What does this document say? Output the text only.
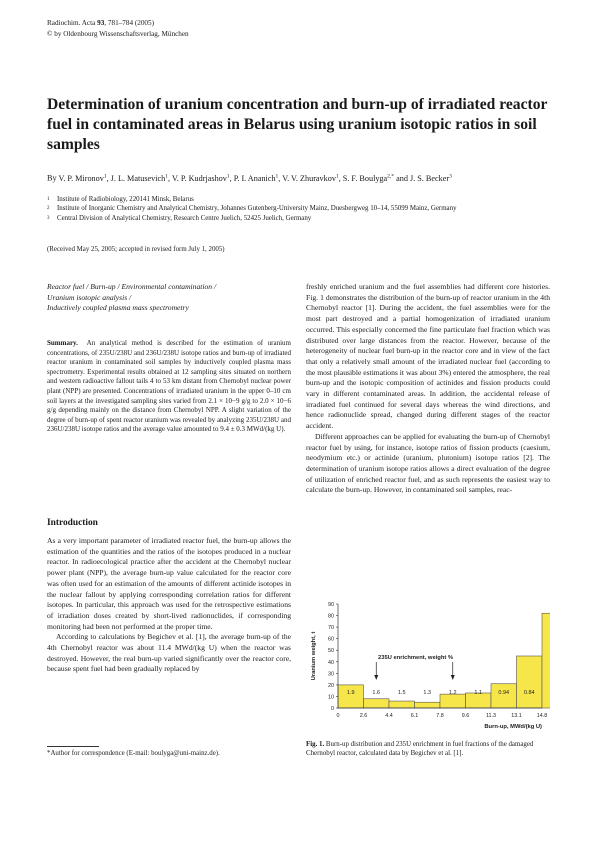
Radiochim. Acta 93, 781–784 (2005)
© by Oldenbourg Wissenschaftsverlag, München
Determination of uranium concentration and burn-up of irradiated reactor fuel in contaminated areas in Belarus using uranium isotopic ratios in soil samples
By V. P. Mironov$^1$, J. L. Matusevich$^1$, V. P. Kudrjashov$^1$, P. I. Ananich$^1$, V. V. Zhuravkov$^1$, S. F. Boulyga$^{2,*}$ and J. S. Becker$^3$
1 Institute of Radiobiology, 220141 Minsk, Belarus
2 Institute of Inorganic Chemistry and Analytical Chemistry, Johannes Gutenberg-University Mainz, Duesbergweg 10–14, 55099 Mainz, Germany
3 Central Division of Analytical Chemistry, Research Centre Juelich, 52425 Juelich, Germany
(Received May 25, 2005; accepted in revised form July 1, 2005)
Reactor fuel / Burn-up / Environmental contamination /
Uranium isotopic analysis /
Inductively coupled plasma mass spectrometry
Summary. An analytical method is described for the estimation of uranium concentrations, of 235U/238U and 236U/238U isotope ratios and burn-up of irradiated reactor uranium in contaminated soil samples by inductively coupled plasma mass spectrometry. Experimental results obtained at 12 sampling sites situated on northern and western radioactive fallout tails 4 to 53 km distant from Chernobyl nuclear power plant (NPP) are presented. Concentrations of irradiated uranium in the upper 0–10 cm soil layers at the investigated sampling sites varied from 2.1 × 10−9 g/g to 2.0 × 10−6 g/g depending mainly on the distance from Chernobyl NPP. A slight variation of the degree of burn-up of spent reactor uranium was revealed by analyzing 235U/238U and 236U/238U isotope ratios and the average value amounted to 9.4 ± 0.3 MWd/(kg U).
Introduction

As a very important parameter of irradiated reactor fuel, the burn-up allows the estimation of the quantities and the ratios of the isotopes produced in a nuclear reactor. In radioecological practice after the accident at the Chernobyl nuclear power plant (NPP), the average burn-up value calculated for the reactor core was often used for an estimation of the amounts of different actinide isotopes in the nuclear fallout by applying corresponding correlation ratios for different isotopes. In particular, this approach was used for the retrospective estimations of irradiation doses created by short-lived radionuclides, if corresponding monitoring had been not performed at the proper time.

According to calculations by Begichev et al. [1], the average burn-up of the 4th Chernobyl reactor was about 11.4 MWd/(kg U) when the reactor was destroyed. However, the real burn-up varied significantly over the reactor core, because spent fuel had been gradually replaced by

*Author for correspondence (E-mail: boulyga@uni-mainz.de).

freshly enriched uranium and the fuel assemblies had different core histories. Fig. 1 demonstrates the distribution of the burn-up of reactor uranium in the 4th Chernobyl reactor [1]. During the accident, the fuel assemblies were for the most part destroyed and a partial homogenization of irradiated uranium occurred. This especially concerned the fine particulate fuel fraction which was distributed over large distances from the reactor. However, because of the heterogeneity of nuclear fuel burn-up in the reactor core and in view of the fact that only a relatively small amount of the irradiated nuclear fuel (according to the most plausible estimations it was about 3%) entered the atmosphere, the real burn-up and the isotopic composition of actinides and fission products could vary in different contaminated areas. In addition, the accidental release of irradiated fuel continued for several days whereas the wind directions, and hence radionuclide spread, changed during different stages of the reactor accident.

Different approaches can be applied for evaluating the burn-up of Chernobyl reactor fuel by using, for instance, isotope ratios of fission products (caesium, neodymium etc.) or actinide (uranium, plutonium) isotope ratios [2]. The determination of uranium isotope ratios allows a direct evaluation of the degree of utilization of enriched reactor fuel, and as such represents the easiest way to calculate the burn-up. However, in contaminated soil samples, reac-

0
10
20
30
40
50
60
70
80
90
0	2.6	4.4	6.1	7.8	9.6	11.3	13.1	14.8
1.9	1.6	1.5	1.3	1.2	1.1	0.94	0.84
235U enrichment, weight %
Burn-up, MWd/(kg U)
Uranium weight, t
Fig. 1. Burn-up distribution and 235U enrichment in fuel fractions of the damaged Chernobyl reactor, calculated data by Begichev et al. [1].
